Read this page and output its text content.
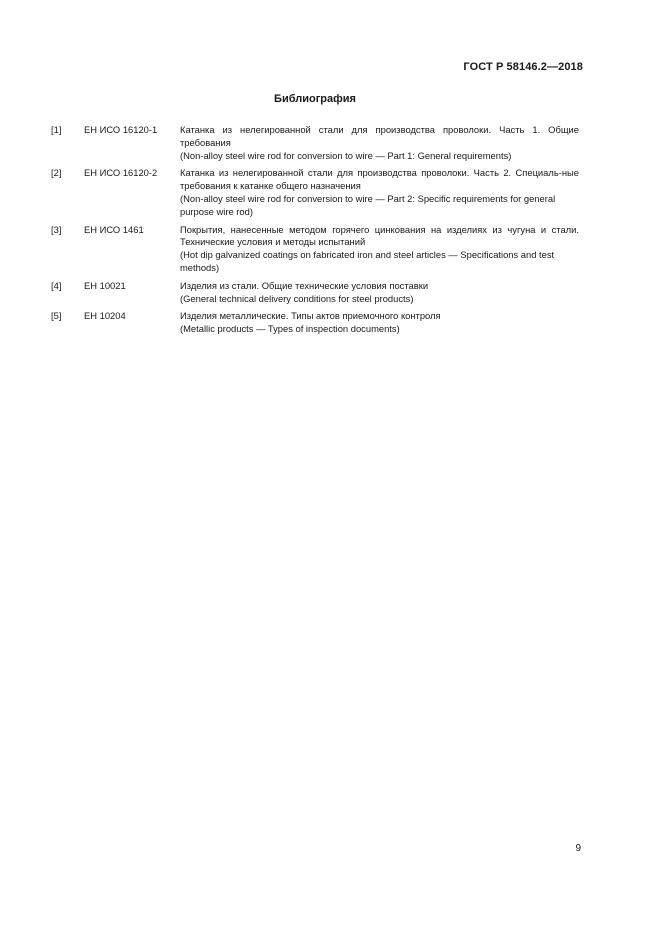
ГОСТ Р 58146.2—2018
Библиография
[1]	ЕН ИСО 16120-1	Катанка из нелегированной стали для производства проволоки. Часть 1. Общие требования
(Non-alloy steel wire rod for conversion to wire — Part 1: General requirements)
[2]	ЕН ИСО 16120-2	Катанка из нелегированной стали для производства проволоки. Часть 2. Специаль-ные требования к катанке общего назначения
(Non-alloy steel wire rod for conversion to wire — Part 2: Specific requirements for general purpose wire rod)
[3]	ЕН ИСО 1461	Покрытия, нанесенные методом горячего цинкования на изделиях из чугуна и стали. Технические условия и методы испытаний
(Hot dip galvanized coatings on fabricated iron and steel articles — Specifications and test methods)
[4]	ЕН 10021	Изделия из стали. Общие технические условия поставки
(General technical delivery conditions for steel products)
[5]	ЕН 10204	Изделия металлические. Типы актов приемочного контроля
(Metallic products — Types of inspection documents)
9
